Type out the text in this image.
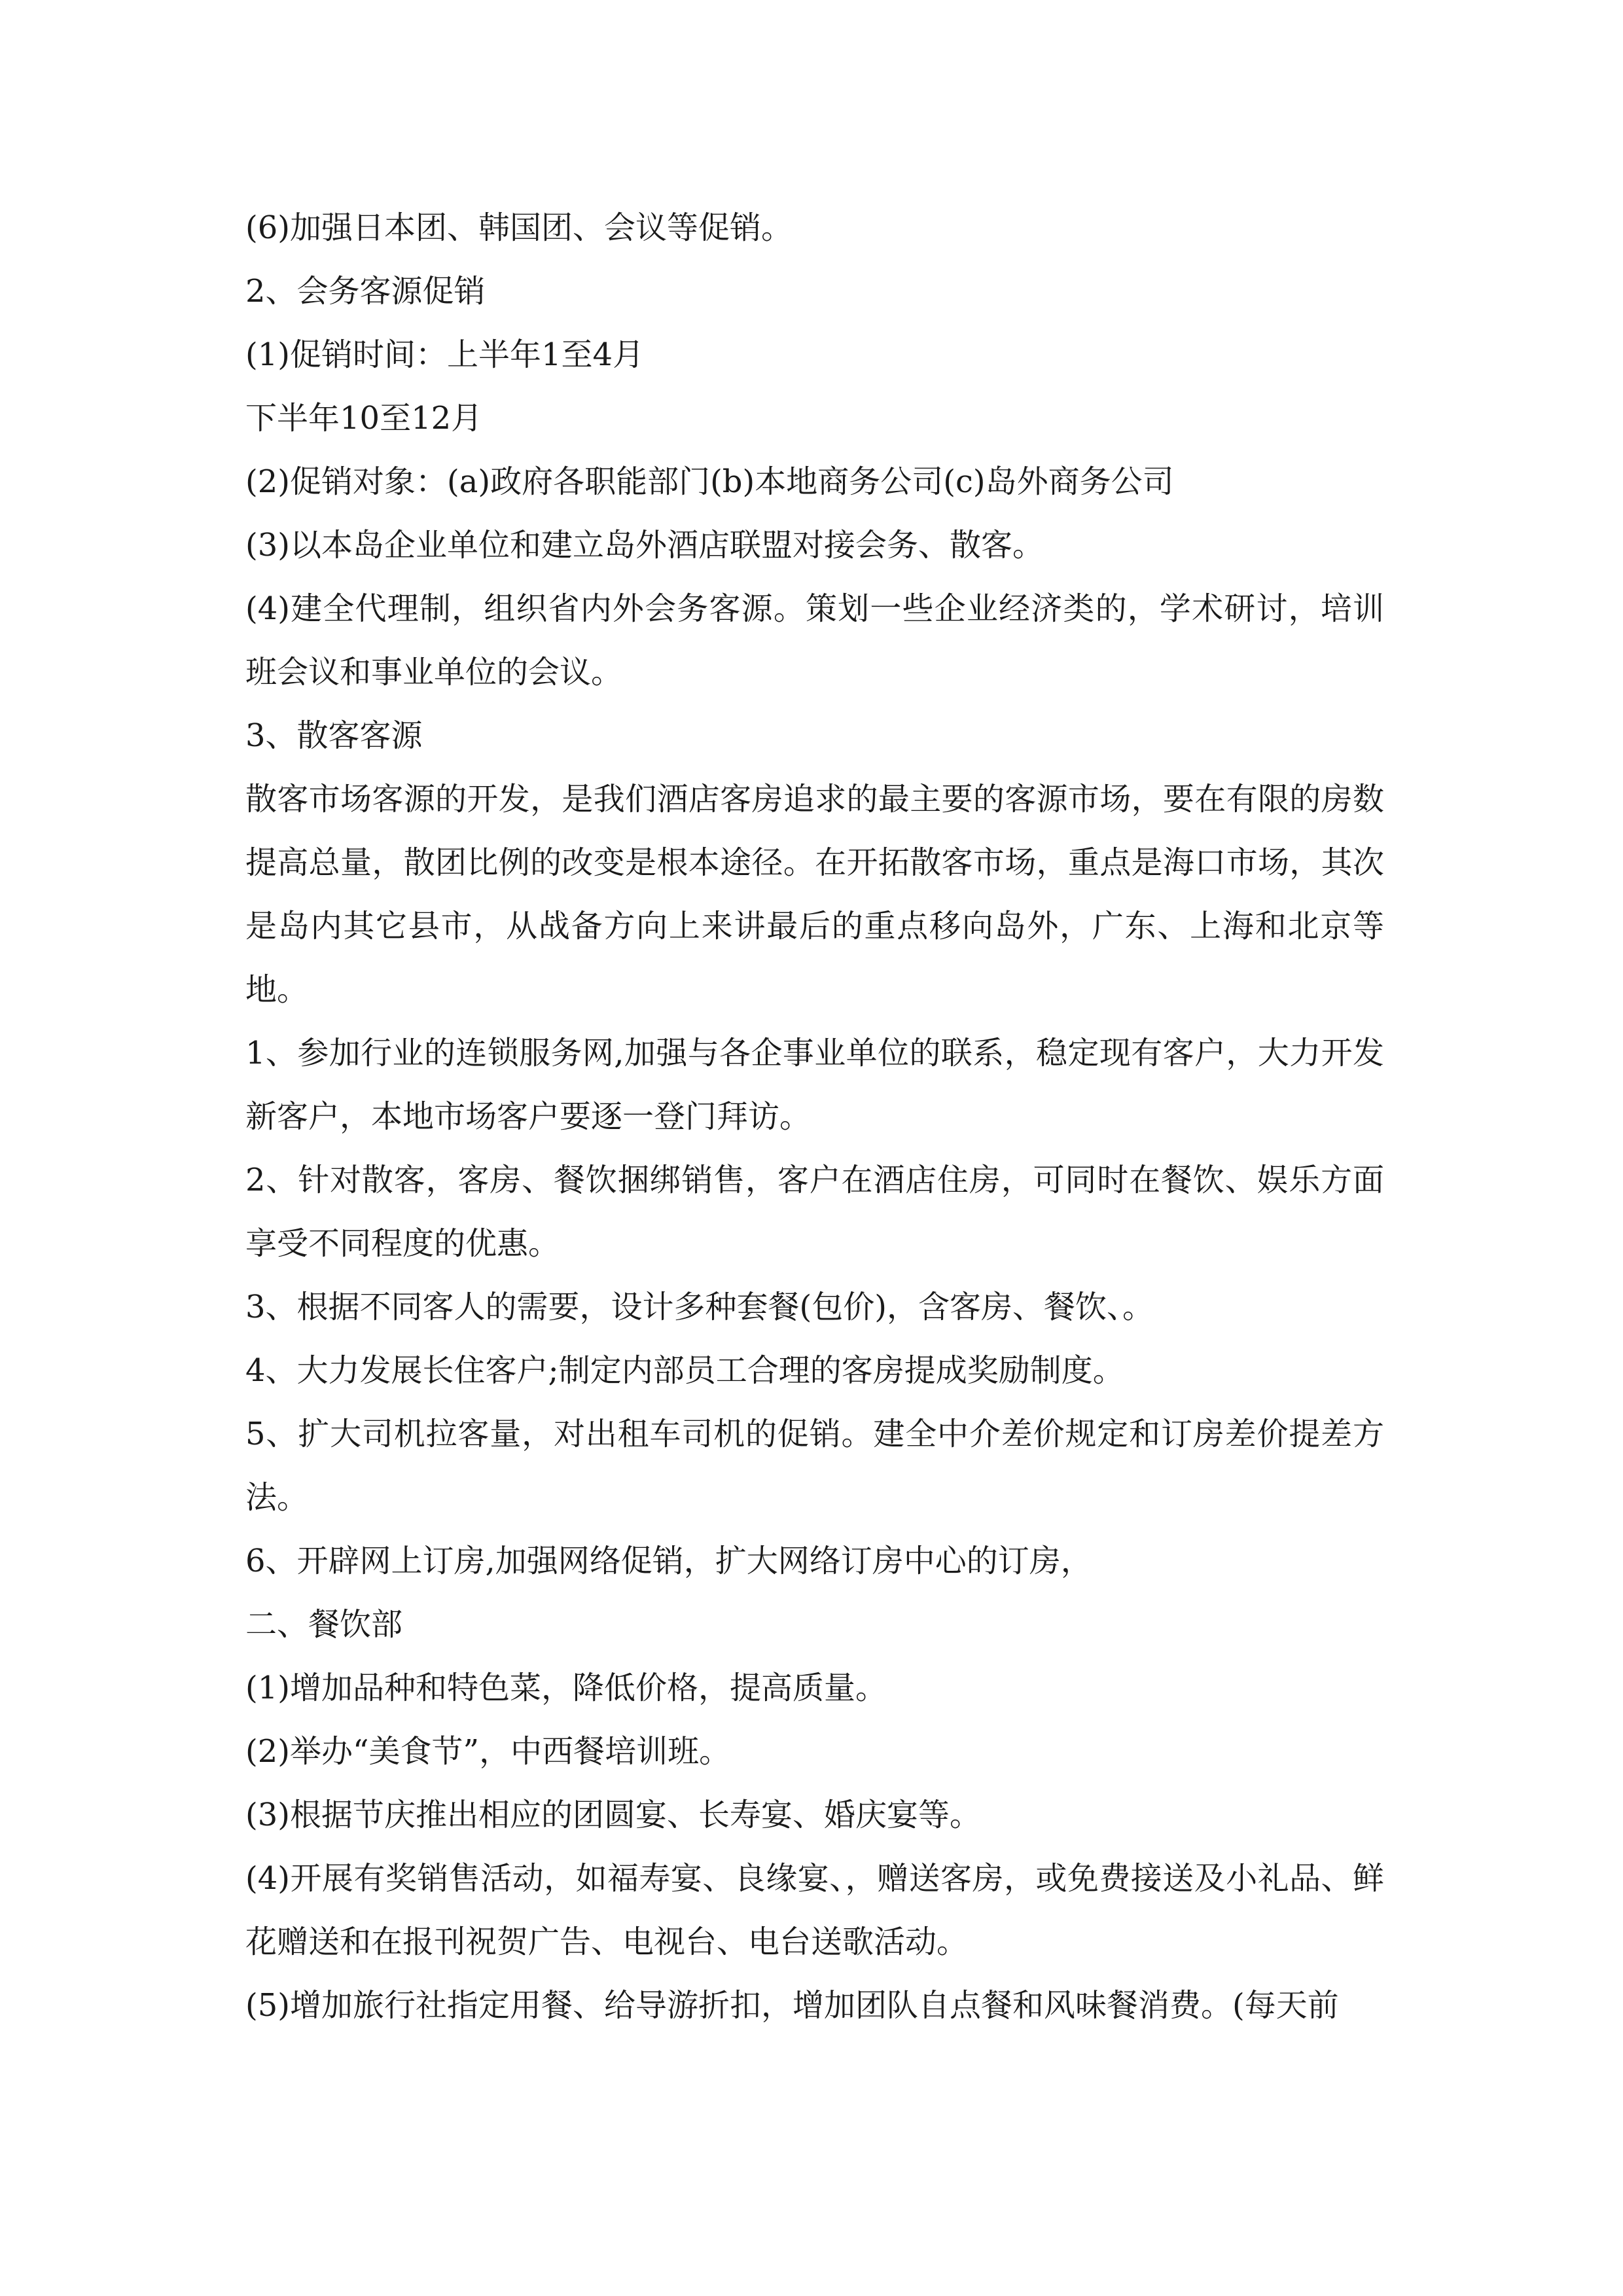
(6)加强日本团、韩国团、会议等促销。

2、会务客源促销

(1)促销时间：上半年1至4月

下半年10至12月

(2)促销对象：(a)政府各职能部门(b)本地商务公司(c)岛外商务公司

(3)以本岛企业单位和建立岛外酒店联盟对接会务、散客。

(4)建全代理制，组织省内外会务客源。策划一些企业经济类的，学术研讨，培训班会议和事业单位的会议。

3、散客客源

散客市场客源的开发，是我们酒店客房追求的最主要的客源市场，要在有限的房数提高总量，散团比例的改变是根本途径。在开拓散客市场，重点是海口市场，其次是岛内其它县市，从战备方向上来讲最后的重点移向岛外，广东、上海和北京等地。

1、参加行业的连锁服务网,加强与各企事业单位的联系，稳定现有客户，大力开发新客户，本地市场客户要逐一登门拜访。

2、针对散客，客房、餐饮捆绑销售，客户在酒店住房，可同时在餐饮、娱乐方面享受不同程度的优惠。

3、根据不同客人的需要，设计多种套餐(包价)，含客房、餐饮、。

4、大力发展长住客户;制定内部员工合理的客房提成奖励制度。

5、扩大司机拉客量，对出租车司机的促销。建全中介差价规定和订房差价提差方法。

6、开辟网上订房,加强网络促销，扩大网络订房中心的订房，

二、餐饮部

(1)增加品种和特色菜，降低价格，提高质量。

(2)举办“美食节”，中西餐培训班。

(3)根据节庆推出相应的团圆宴、长寿宴、婚庆宴等。

(4)开展有奖销售活动，如福寿宴、良缘宴、，赠送客房，或免费接送及小礼品、鲜花赠送和在报刊祝贺广告、电视台、电台送歌活动。

(5)增加旅行社指定用餐、给导游折扣，增加团队自点餐和风味餐消费。(每天前
